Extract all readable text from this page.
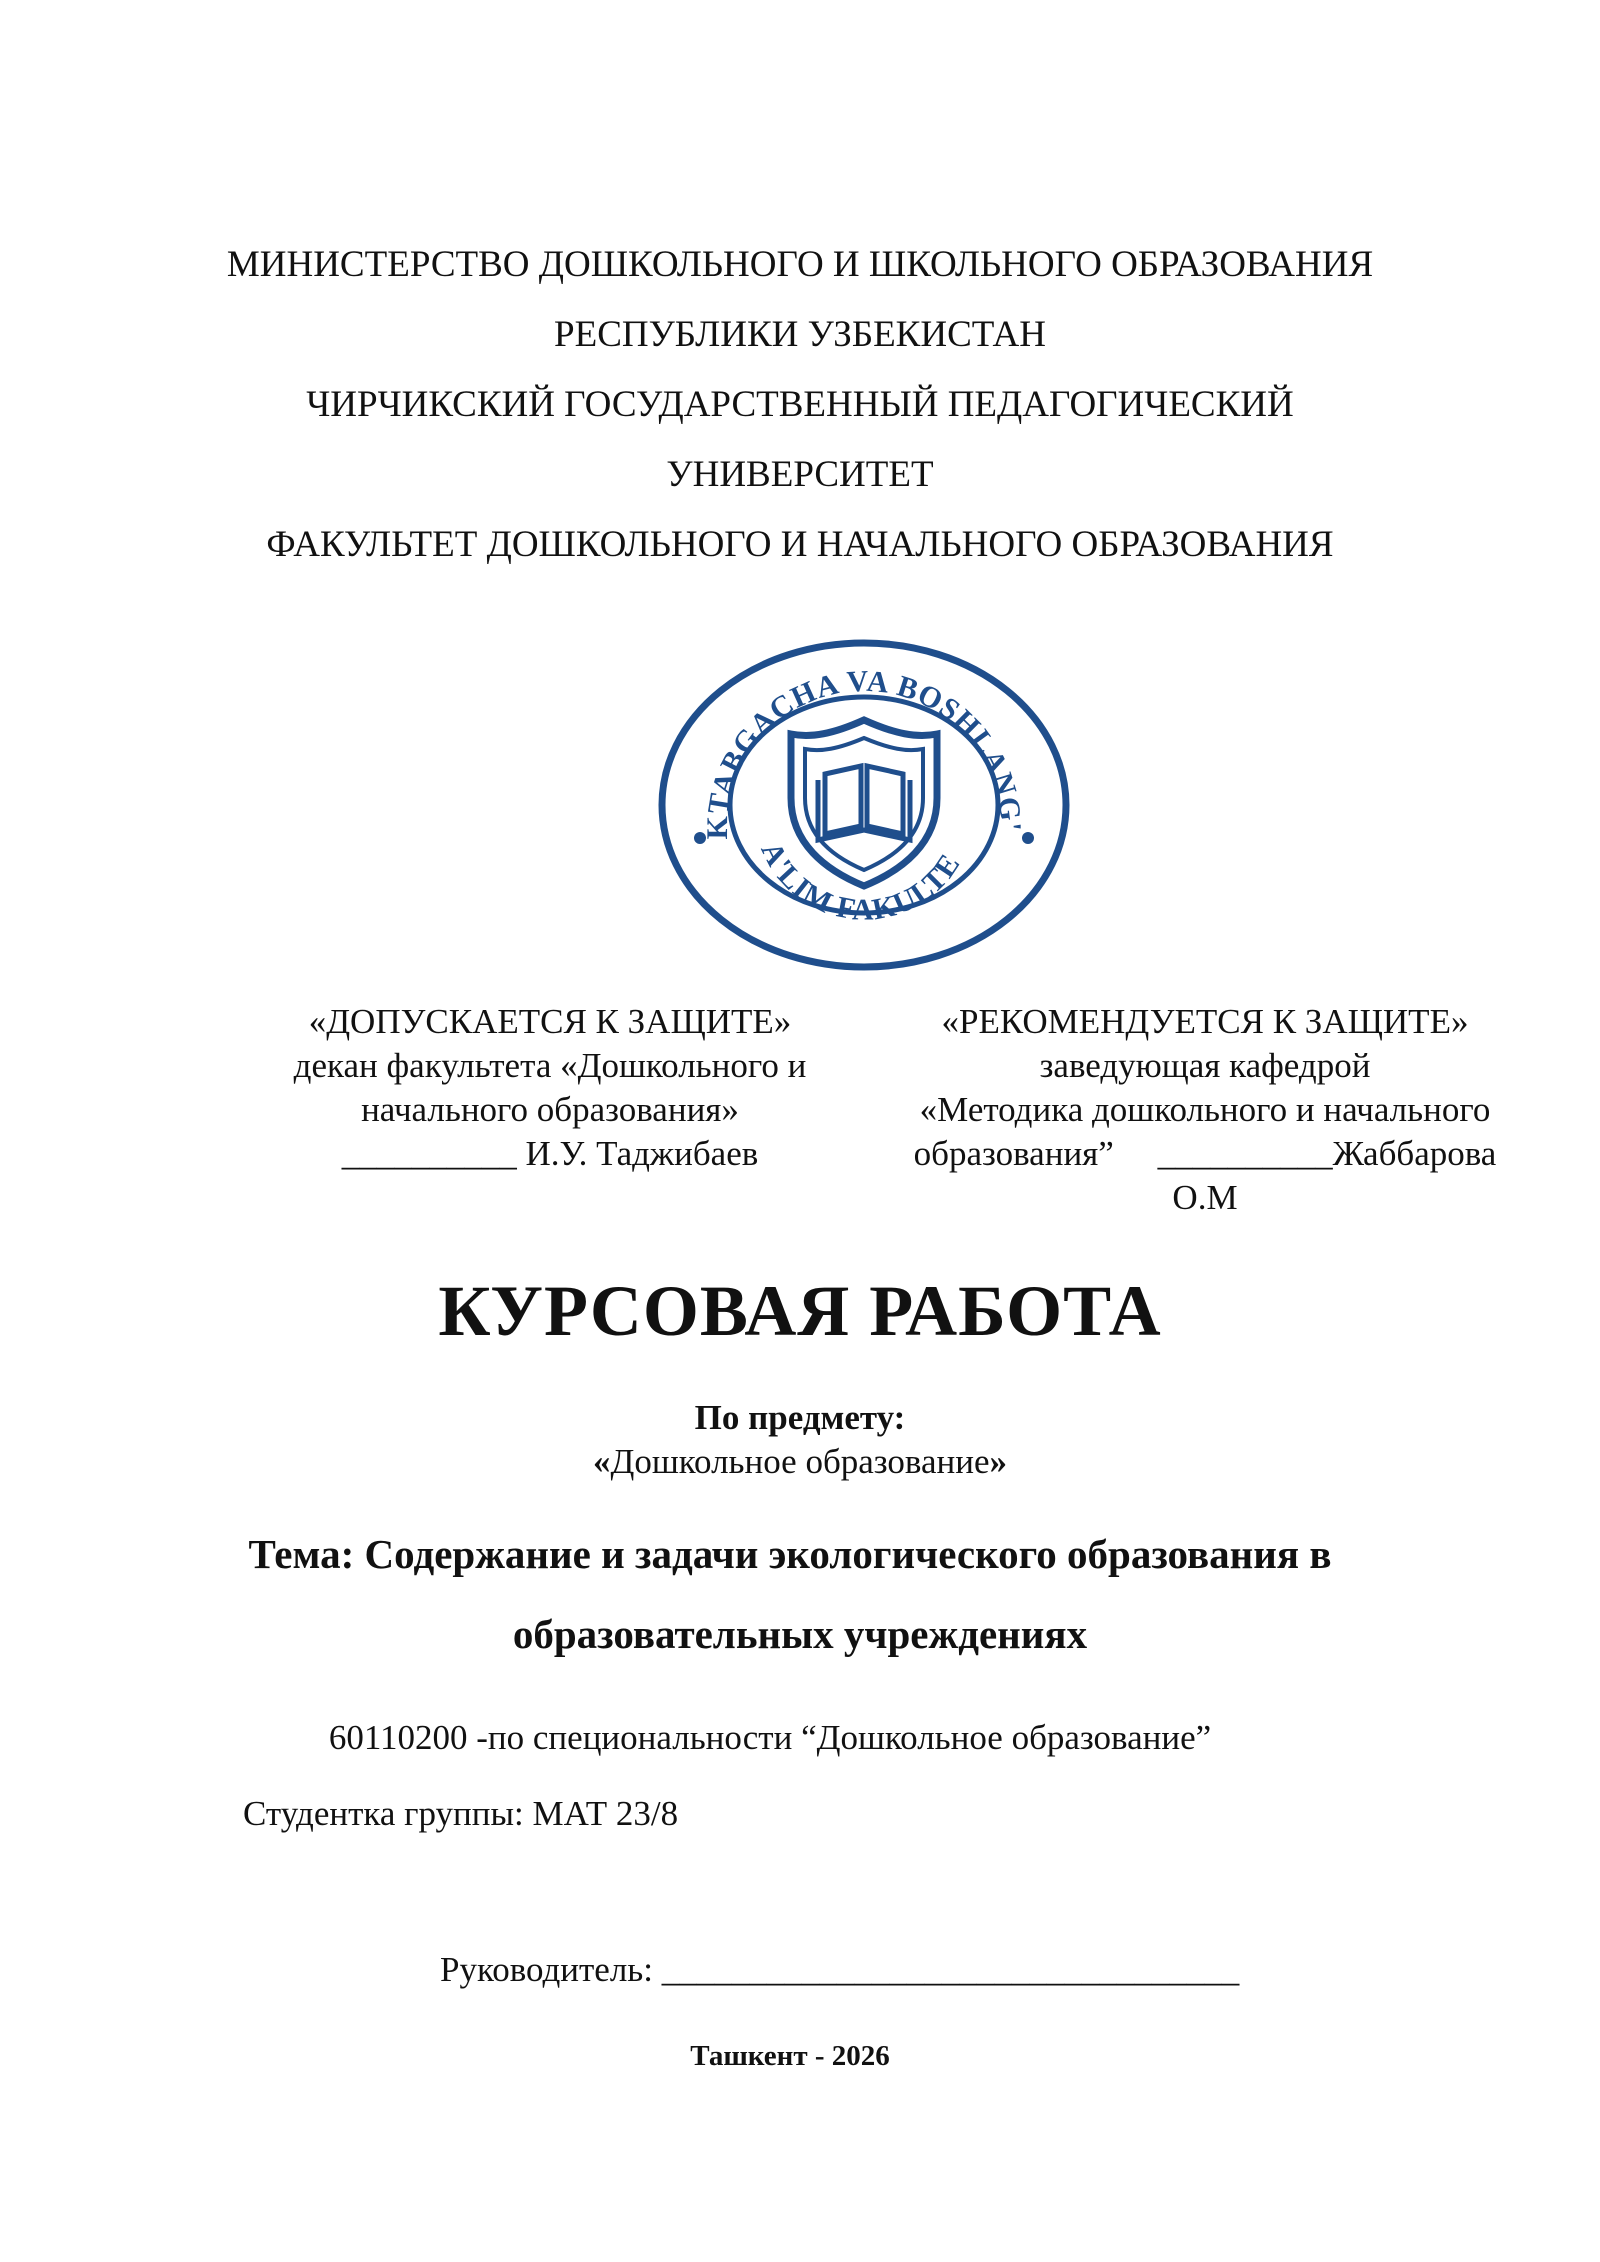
МИНИСТЕРСТВО ДОШКОЛЬНОГО И ШКОЛЬНОГО ОБРАЗОВАНИЯ
РЕСПУБЛИКИ УЗБЕКИСТАН
ЧИРЧИКСКИЙ ГОСУДАРСТВЕННЫЙ ПЕДАГОГИЧЕСКИЙ
УНИВЕРСИТЕТ
ФАКУЛЬТЕТ ДОШКОЛЬНОГО И НАЧАЛЬНОГО ОБРАЗОВАНИЯ
KTABGACHA VA BOSHLANG'
A'LIM FAKULTE
«ДОПУСКАЕТСЯ К ЗАЩИТЕ»
декан факультета «Дошкольного и
начального образования»
__________ И.У. Таджибаев
«РЕКОМЕНДУЕТСЯ К ЗАЩИТЕ»
заведующая кафедрой
«Методика дошкольного и начального
образования” __________Жаббарова
О.М
КУРСОВАЯ РАБОТА
По предмету:
«Дошкольное образование»
Тема: Содержание и задачи экологического образования в
образовательных учреждениях
60110200 -по специональности “Дошкольное образование”
Студентка группы: МАТ 23/8
Руководитель: _________________________________
Ташкент - 2026
